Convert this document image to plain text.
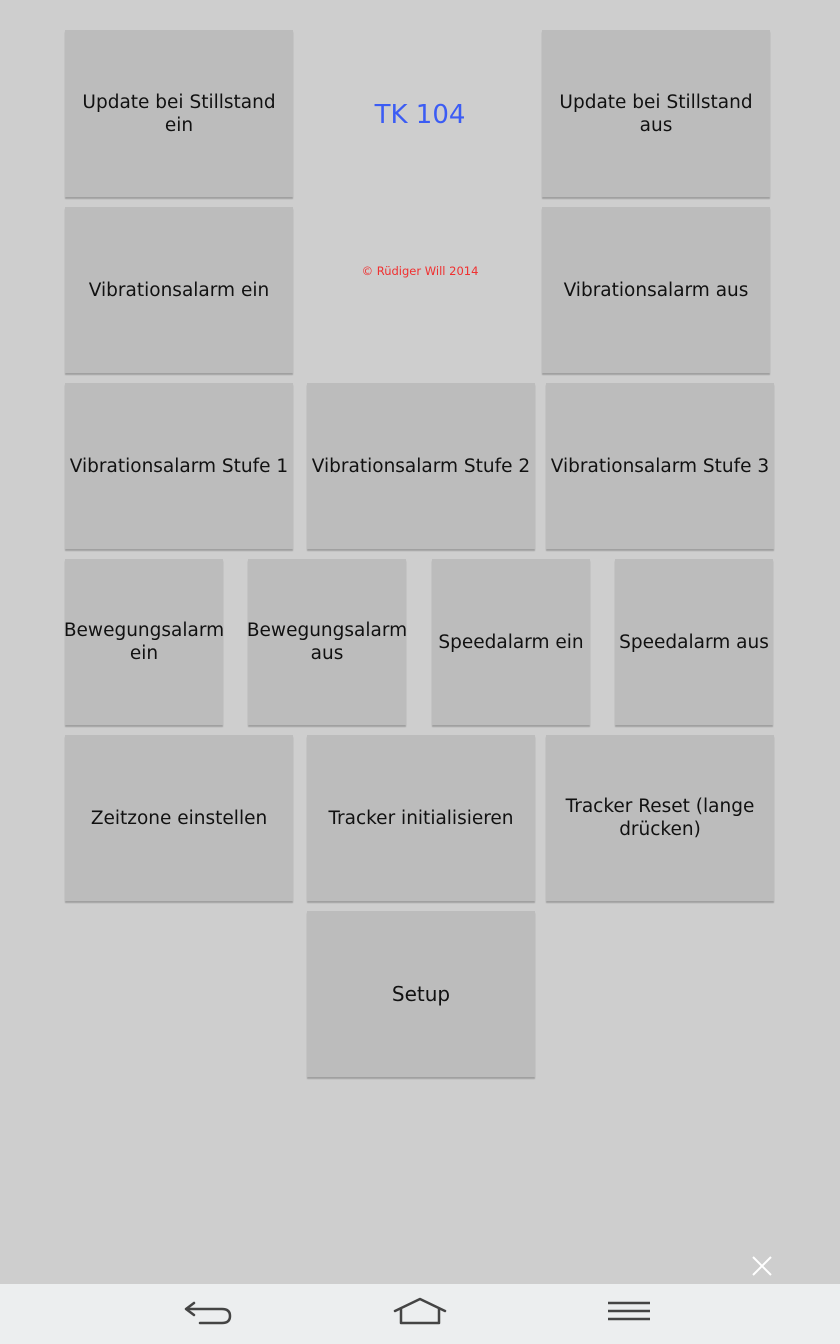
Update bei Stillstand ein	TK 104	Update bei Stillstand aus
Vibrationsalarm ein
© Rüdiger Will 2014
Vibrationsalarm aus
Vibrationsalarm Stufe 1 Vibrationsalarm Stufe 2 Vibrationsalarm Stufe 3
Bewegungsalarm
ein
Bewegungsalarm
aus
Speedalarm ein Speedalarm aus
Zeitzone einstellen	Tracker initialisieren
Tracker Reset (lange
drücken)
Setup
